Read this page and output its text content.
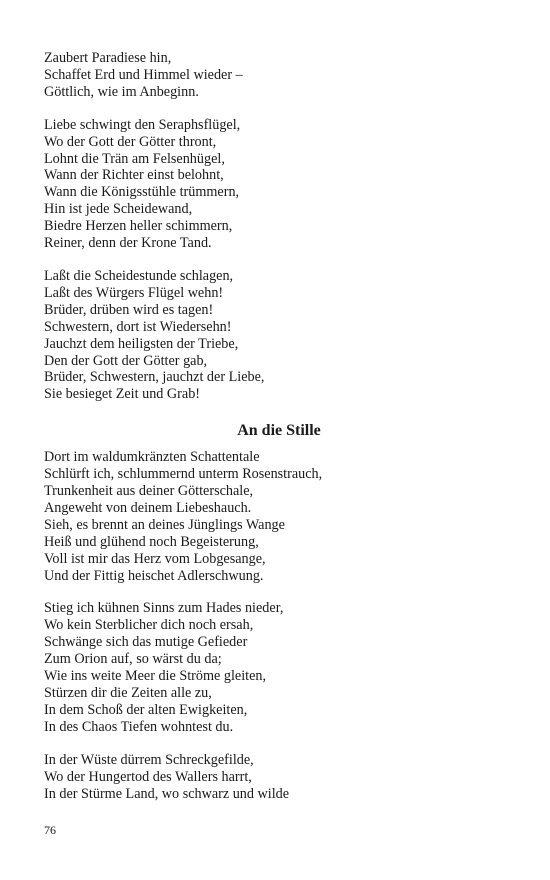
Zaubert Paradiese hin,
Schaffet Erd und Himmel wieder –
Göttlich, wie im Anbeginn.
Liebe schwingt den Seraphsflügel,
Wo der Gott der Götter thront,
Lohnt die Trän am Felsenhügel,
Wann der Richter einst belohnt,
Wann die Königsstühle trümmern,
Hin ist jede Scheidewand,
Biedre Herzen heller schimmern,
Reiner, denn der Krone Tand.
Laßt die Scheidestunde schlagen,
Laßt des Würgers Flügel wehn!
Brüder, drüben wird es tagen!
Schwestern, dort ist Wiedersehn!
Jauchzt dem heiligsten der Triebe,
Den der Gott der Götter gab,
Brüder, Schwestern, jauchzt der Liebe,
Sie besieget Zeit und Grab!
An die Stille
Dort im waldumkränzten Schattentale
Schlürft ich, schlummernd unterm Rosenstrauch,
Trunkenheit aus deiner Götterschale,
Angeweht von deinem Liebeshauch.
Sieh, es brennt an deines Jünglings Wange
Heiß und glühend noch Begeisterung,
Voll ist mir das Herz vom Lobgesange,
Und der Fittig heischet Adlerschwung.
Stieg ich kühnen Sinns zum Hades nieder,
Wo kein Sterblicher dich noch ersah,
Schwänge sich das mutige Gefieder
Zum Orion auf, so wärst du da;
Wie ins weite Meer die Ströme gleiten,
Stürzen dir die Zeiten alle zu,
In dem Schoß der alten Ewigkeiten,
In des Chaos Tiefen wohntest du.
In der Wüste dürrem Schreckgefilde,
Wo der Hungertod des Wallers harrt,
In der Stürme Land, wo schwarz und wilde
76
